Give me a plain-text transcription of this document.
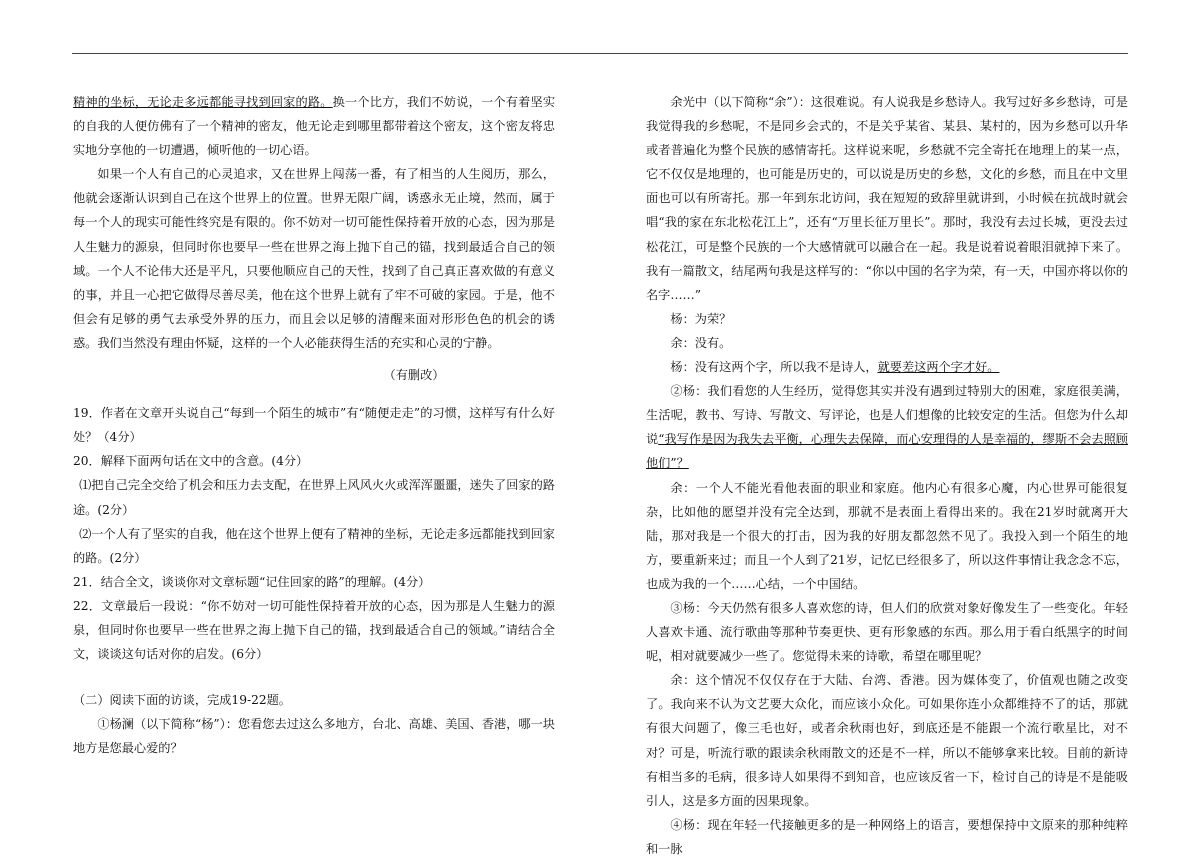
精神的坐标，无论走多远都能寻找到回家的路。换一个比方，我们不妨说，一个有着坚实的自我的人便仿佛有了一个精神的密友，他无论走到哪里都带着这个密友，这个密友将忠实地分享他的一切遭遇，倾听他的一切心语。

如果一个人有自己的心灵追求，又在世界上闯荡一番，有了相当的人生阅历，那么，他就会逐渐认识到自己在这个世界上的位置。世界无限广阔，诱惑永无止境，然而，属于每一个人的现实可能性终究是有限的。你不妨对一切可能性保持着开放的心态，因为那是人生魅力的源泉，但同时你也要早一些在世界之海上抛下自己的锚，找到最适合自己的领域。一个人不论伟大还是平凡，只要他顺应自己的天性，找到了自己真正喜欢做的有意义的事，并且一心把它做得尽善尽美，他在这个世界上就有了牢不可破的家园。于是，他不但会有足够的勇气去承受外界的压力，而且会以足够的清醒来面对形形色色的机会的诱惑。我们当然没有理由怀疑，这样的一个人必能获得生活的充实和心灵的宁静。

（有删改）

19．作者在文章开头说自己“每到一个陌生的城市”有“随便走走”的习惯，这样写有什么好处？（4分）

20．解释下面两句话在文中的含意。(4分）

⑴把自己完全交给了机会和压力去支配，在世界上风风火火或浑浑噩噩，迷失了回家的路途。(2分）

⑵一个人有了坚实的自我，他在这个世界上便有了精神的坐标，无论走多远都能找到回家的路。(2分）

21．结合全文，谈谈你对文章标题“记住回家的路”的理解。(4分）

22．文章最后一段说：“你不妨对一切可能性保持着开放的心态，因为那是人生魅力的源泉，但同时你也要早一些在世界之海上抛下自己的锚，找到最适合自己的领域。”请结合全文，谈谈这句话对你的启发。(6分）

（二）阅读下面的访谈，完成19-22题。

①杨澜（以下简称“杨”）：您看您去过这么多地方，台北、高雄、美国、香港，哪一块地方是您最心爱的？

余光中（以下简称“余”）：这很难说。有人说我是乡愁诗人。我写过好多乡愁诗，可是我觉得我的乡愁呢，不是同乡会式的，不是关乎某省、某县、某村的，因为乡愁可以升华或者普遍化为整个民族的感情寄托。这样说来呢，乡愁就不完全寄托在地理上的某一点，它不仅仅是地理的，也可能是历史的，可以说是历史的乡愁，文化的乡愁，而且在中文里面也可以有所寄托。那一年到东北访问，我在短短的致辞里就讲到，小时候在抗战时就会唱“我的家在东北松花江上”，还有“万里长征万里长”。那时，我没有去过长城，更没去过松花江，可是整个民族的一个大感情就可以融合在一起。我是说着说着眼泪就掉下来了。我有一篇散文，结尾两句我是这样写的：“你以中国的名字为荣，有一天，中国亦将以你的名字……”

杨：为荣？

余：没有。

杨：没有这两个字，所以我不是诗人，就要差这两个字才好。

②杨：我们看您的人生经历，觉得您其实并没有遇到过特别大的困难，家庭很美满，生活呢，教书、写诗、写散文、写评论，也是人们想像的比较安定的生活。但您为什么却说“我写作是因为我失去平衡，心理失去保障，而心安理得的人是幸福的，缪斯不会去照顾他们”？

余：一个人不能光看他表面的职业和家庭。他内心有很多心魔，内心世界可能很复杂，比如他的愿望并没有完全达到，那就不是表面上看得出来的。我在21岁时就离开大陆，那对我是一个很大的打击，因为我的好朋友都忽然不见了。我投入到一个陌生的地方，要重新来过；而且一个人到了21岁，记忆已经很多了，所以这件事情让我念念不忘，也成为我的一个……心结，一个中国结。

③杨：今天仍然有很多人喜欢您的诗，但人们的欣赏对象好像发生了一些变化。年轻人喜欢卡通、流行歌曲等那种节奏更快、更有形象感的东西。那么用于看白纸黑字的时间呢，相对就要减少一些了。您觉得未来的诗歌，希望在哪里呢？

余：这个情况不仅仅存在于大陆、台湾、香港。因为媒体变了，价值观也随之改变了。我向来不认为文艺要大众化，而应该小众化。可如果你连小众都维持不了的话，那就有很大问题了，像三毛也好，或者余秋雨也好，到底还是不能跟一个流行歌星比，对不对？可是，听流行歌的跟读余秋雨散文的还是不一样，所以不能够拿来比较。目前的新诗有相当多的毛病，很多诗人如果得不到知音，也应该反省一下，检讨自己的诗是不是能吸引人，这是多方面的因果现象。

④杨：现在年轻一代接触更多的是一种网络上的语言，要想保持中文原来的那种纯粹和一脉
